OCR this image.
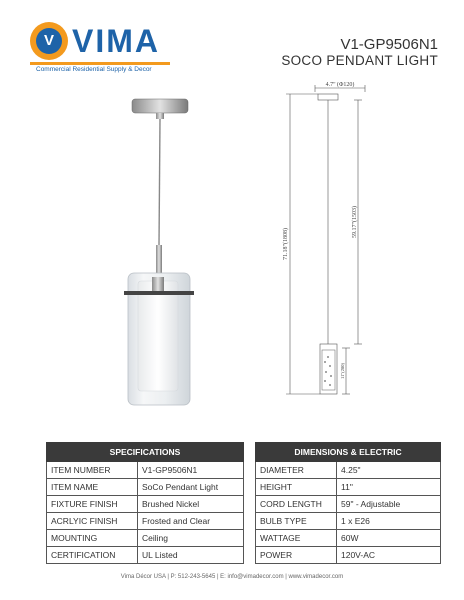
V VIMA
Commercial Residential Supply & Decor
V1-GP9506N1
SOCO PENDANT LIGHT
4.7" (Φ120)
71.18"(1808)
59.17"(1503)
11"(280)
SPECIFICATIONS	
ITEM NUMBER	V1-GP9506N1
ITEM NAME	SoCo Pendant Light
FIXTURE FINISH	Brushed Nickel
ACRLYIC FINISH	Frosted and Clear
MOUNTING	Ceiling
CERTIFICATION	UL Listed
DIMENSIONS & ELECTRIC	
DIAMETER	4.25"
HEIGHT	11"
CORD LENGTH	59" - Adjustable
BULB TYPE	1 x E26
WATTAGE	60W
POWER	120V-AC
Vima Décor USA | P: 512-243-5645 | E: info@vimadecor.com | www.vimadecor.com
